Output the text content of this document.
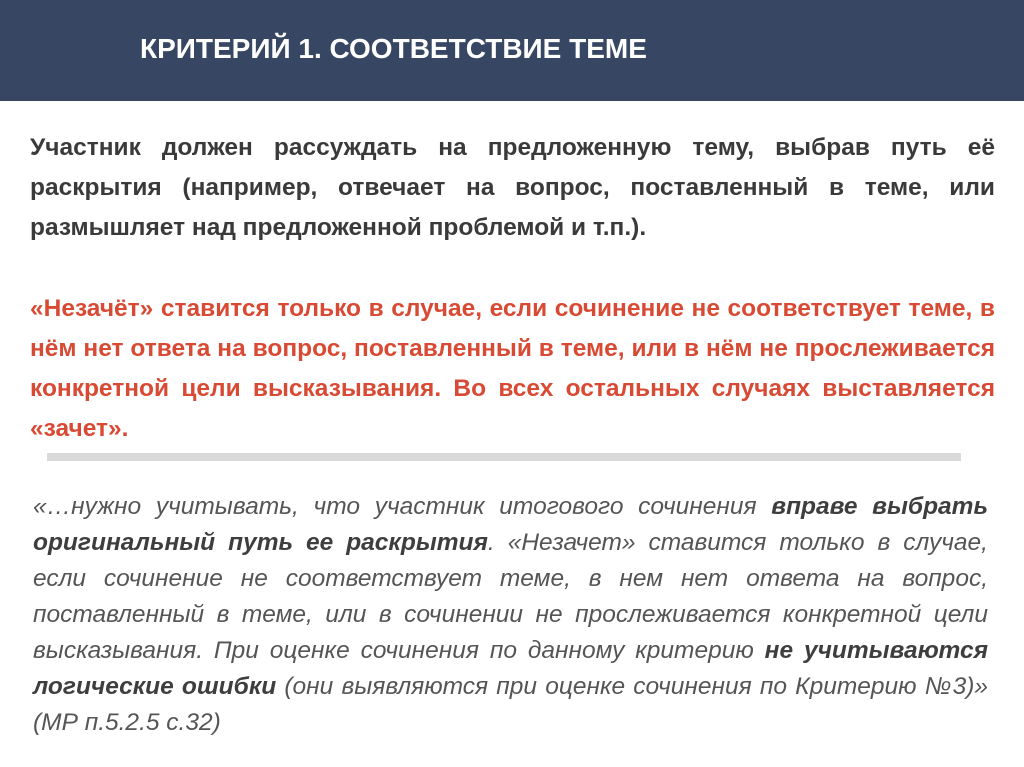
КРИТЕРИЙ 1. СООТВЕТСТВИЕ ТЕМЕ
Участник должен рассуждать на предложенную тему, выбрав путь её раскрытия (например, отвечает на вопрос, поставленный в теме, или размышляет над предложенной проблемой и т.п.).
«Незачёт» ставится только в случае, если сочинение не соответствует теме, в нём нет ответа на вопрос, поставленный в теме, или в нём не прослеживается конкретной цели высказывания. Во всех остальных случаях выставляется «зачет».
«…нужно учитывать, что участник итогового сочинения вправе выбрать оригинальный путь ее раскрытия. «Незачет» ставится только в случае, если сочинение не соответствует теме, в нем нет ответа на вопрос, поставленный в теме, или в сочинении не прослеживается конкретной цели высказывания. При оценке сочинения по данному критерию не учитываются логические ошибки (они выявляются при оценке сочинения по Критерию №3)» (МР п.5.2.5 с.32)
